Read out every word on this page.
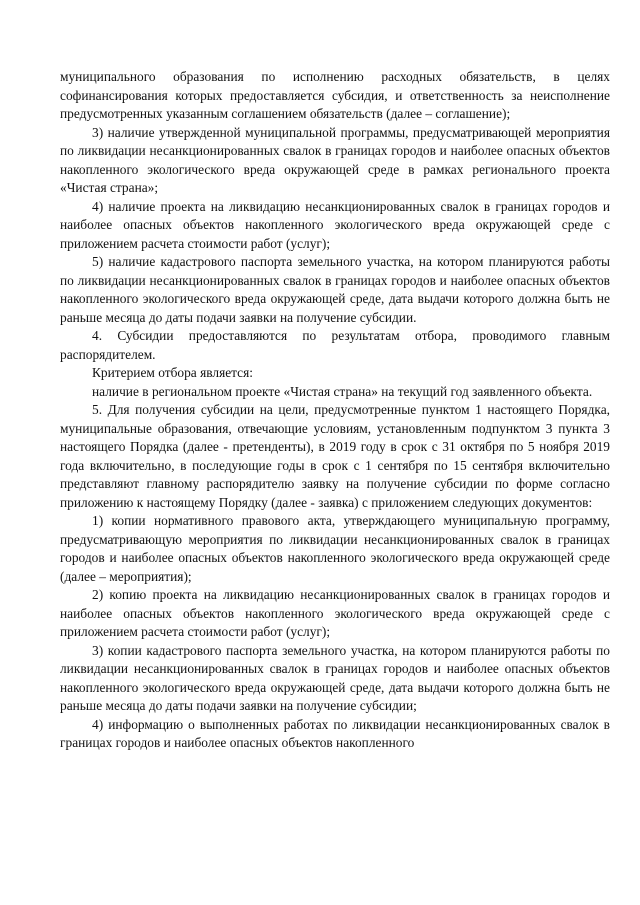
муниципального образования по исполнению расходных обязательств, в целях софинансирования которых предоставляется субсидия, и ответственность за неисполнение предусмотренных указанным соглашением обязательств (далее – соглашение);

3) наличие утвержденной муниципальной программы, предусматривающей мероприятия по ликвидации несанкционированных свалок в границах городов и наиболее опасных объектов накопленного экологического вреда окружающей среде в рамках регионального проекта «Чистая страна»;

4) наличие проекта на ликвидацию несанкционированных свалок в границах городов и наиболее опасных объектов накопленного экологического вреда окружающей среде с приложением расчета стоимости работ (услуг);

5) наличие кадастрового паспорта земельного участка, на котором планируются работы по ликвидации несанкционированных свалок в границах городов и наиболее опасных объектов накопленного экологического вреда окружающей среде, дата выдачи которого должна быть не раньше месяца до даты подачи заявки на получение субсидии.

4. Субсидии предоставляются по результатам отбора, проводимого главным распорядителем.

Критерием отбора является:

наличие в региональном проекте «Чистая страна» на текущий год заявленного объекта.

5. Для получения субсидии на цели, предусмотренные пунктом 1 настоящего Порядка, муниципальные образования, отвечающие условиям, установленным подпунктом 3 пункта 3 настоящего Порядка (далее - претенденты), в 2019 году в срок с 31 октября по 5 ноября 2019 года включительно, в последующие годы в срок с 1 сентября по 15 сентября включительно представляют главному распорядителю заявку на получение субсидии по форме согласно приложению к настоящему Порядку (далее - заявка) с приложением следующих документов:

1) копии нормативного правового акта, утверждающего муниципальную программу, предусматривающую мероприятия по ликвидации несанкционированных свалок в границах городов и наиболее опасных объектов накопленного экологического вреда окружающей среде (далее – мероприятия);

2) копию проекта на ликвидацию несанкционированных свалок в границах городов и наиболее опасных объектов накопленного экологического вреда окружающей среде с приложением расчета стоимости работ (услуг);

3) копии кадастрового паспорта земельного участка, на котором планируются работы по ликвидации несанкционированных свалок в границах городов и наиболее опасных объектов накопленного экологического вреда окружающей среде, дата выдачи которого должна быть не раньше месяца до даты подачи заявки на получение субсидии;

4) информацию о выполненных работах по ликвидации несанкционированных свалок в границах городов и наиболее опасных объектов накопленного
